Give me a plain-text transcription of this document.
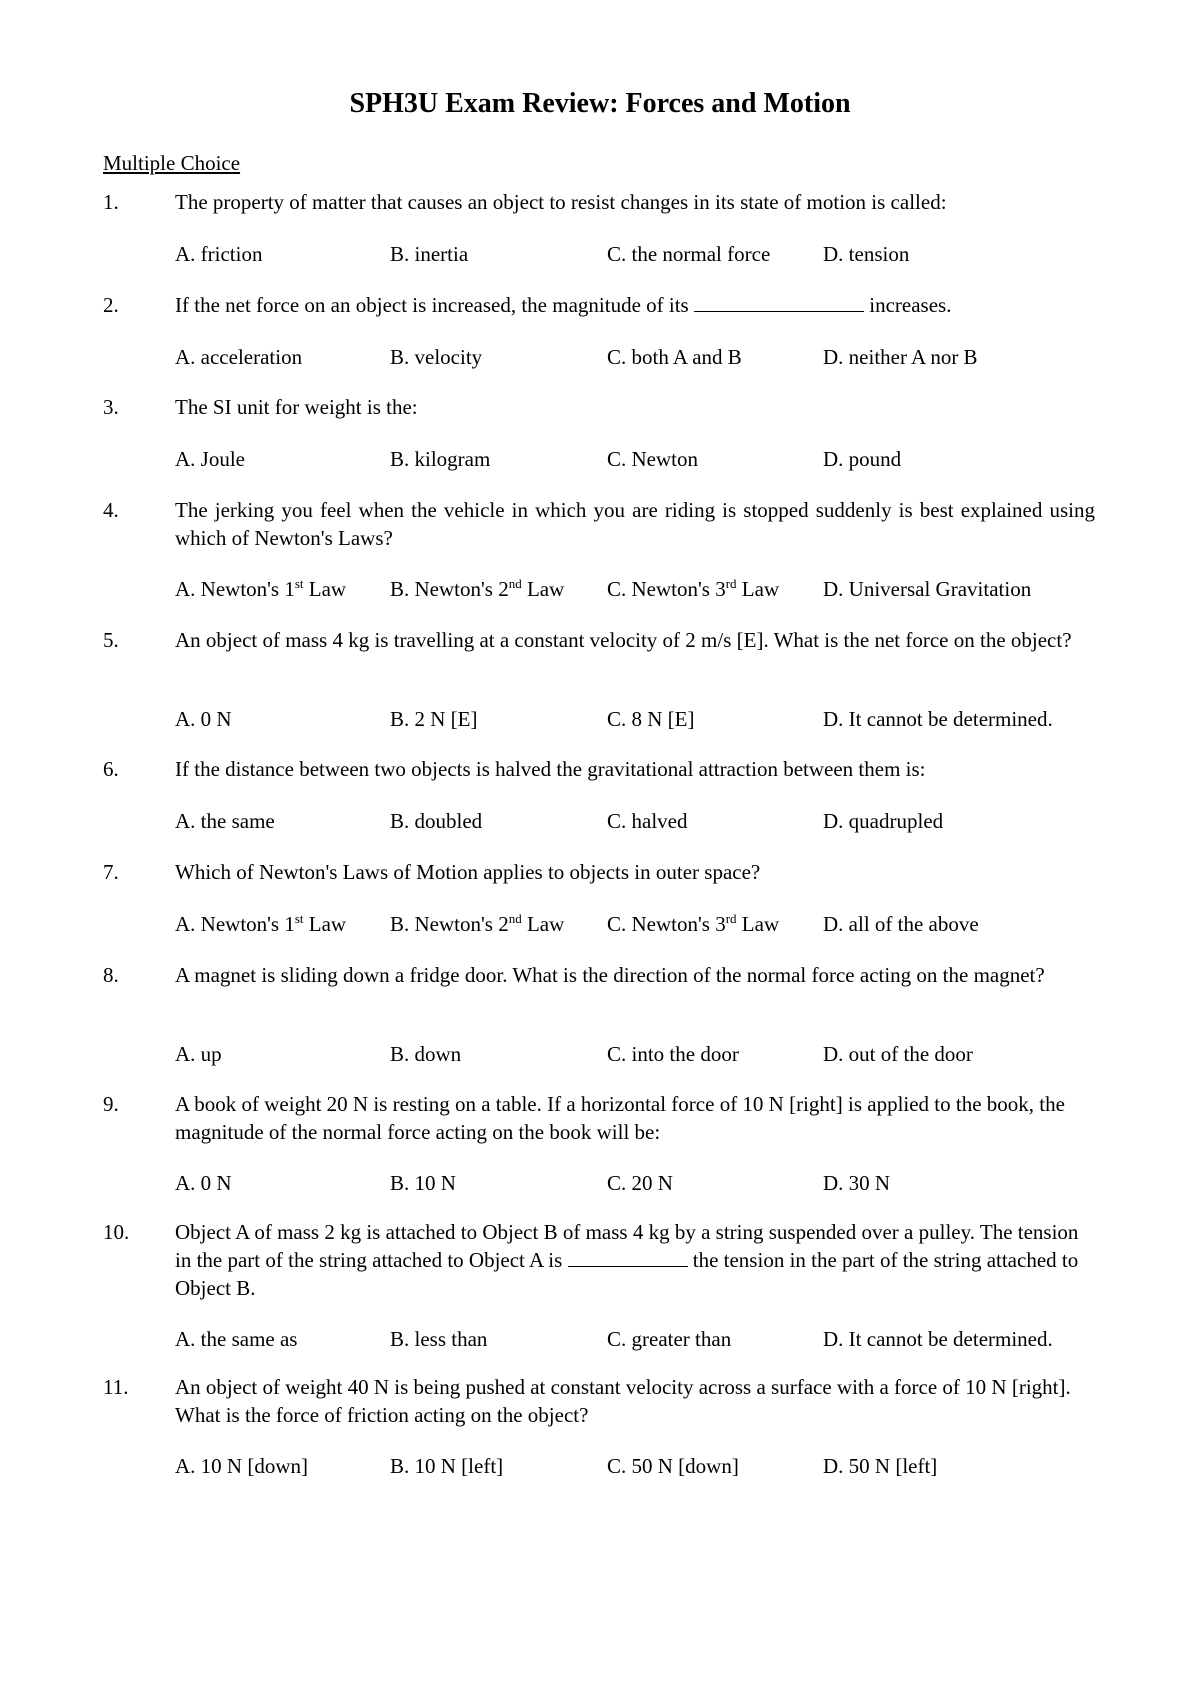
SPH3U Exam Review: Forces and Motion
Multiple Choice
1.	The property of matter that causes an object to resist changes in its state of motion is called:
A. friction	B. inertia	C. the normal force	D. tension
2.	If the net force on an object is increased, the magnitude of its	increases.
A. acceleration	B. velocity	C. both A and B	D. neither A nor B
3.	The SI unit for weight is the:
A. Joule	B. kilogram	C. Newton	D. pound
4.	The jerking you feel when the vehicle in which you are riding is stopped suddenly is best explained using which of Newton's Laws?
A. Newton's 1st Law B. Newton's 2nd Law C. Newton's 3rd Law D. Universal Gravitation
5.	An object of mass 4 kg is travelling at a constant velocity of 2 m/s [E]. What is the net force on the object?
A. 0 N	B. 2 N [E]	C. 8 N [E]	D. It cannot be determined.
6.	If the distance between two objects is halved the gravitational attraction between them is:
A. the same	B. doubled	C. halved	D. quadrupled
7.	Which of Newton's Laws of Motion applies to objects in outer space?
A. Newton's 1st Law B. Newton's 2nd Law C. Newton's 3rd Law D. all of the above
8.	A magnet is sliding down a fridge door. What is the direction of the normal force acting on the magnet?
A. up	B. down	C. into the door	D. out of the door
9.	A book of weight 20 N is resting on a table. If a horizontal force of 10 N [right] is applied to the book, the magnitude of the normal force acting on the book will be:
A. 0 N	B. 10 N	C. 20 N	D. 30 N
10. Object A of mass 2 kg is attached to Object B of mass 4 kg by a string suspended over a pulley. The tension in the part of the string attached to Object A is	the tension in the part of the string attached to Object B.
A. the same as	B. less than	C. greater than	D. It cannot be determined.
11. An object of weight 40 N is being pushed at constant velocity across a surface with a force of 10 N [right]. What is the force of friction acting on the object?
A. 10 N [down]	B. 10 N [left]	C. 50 N [down]	D. 50 N [left]
